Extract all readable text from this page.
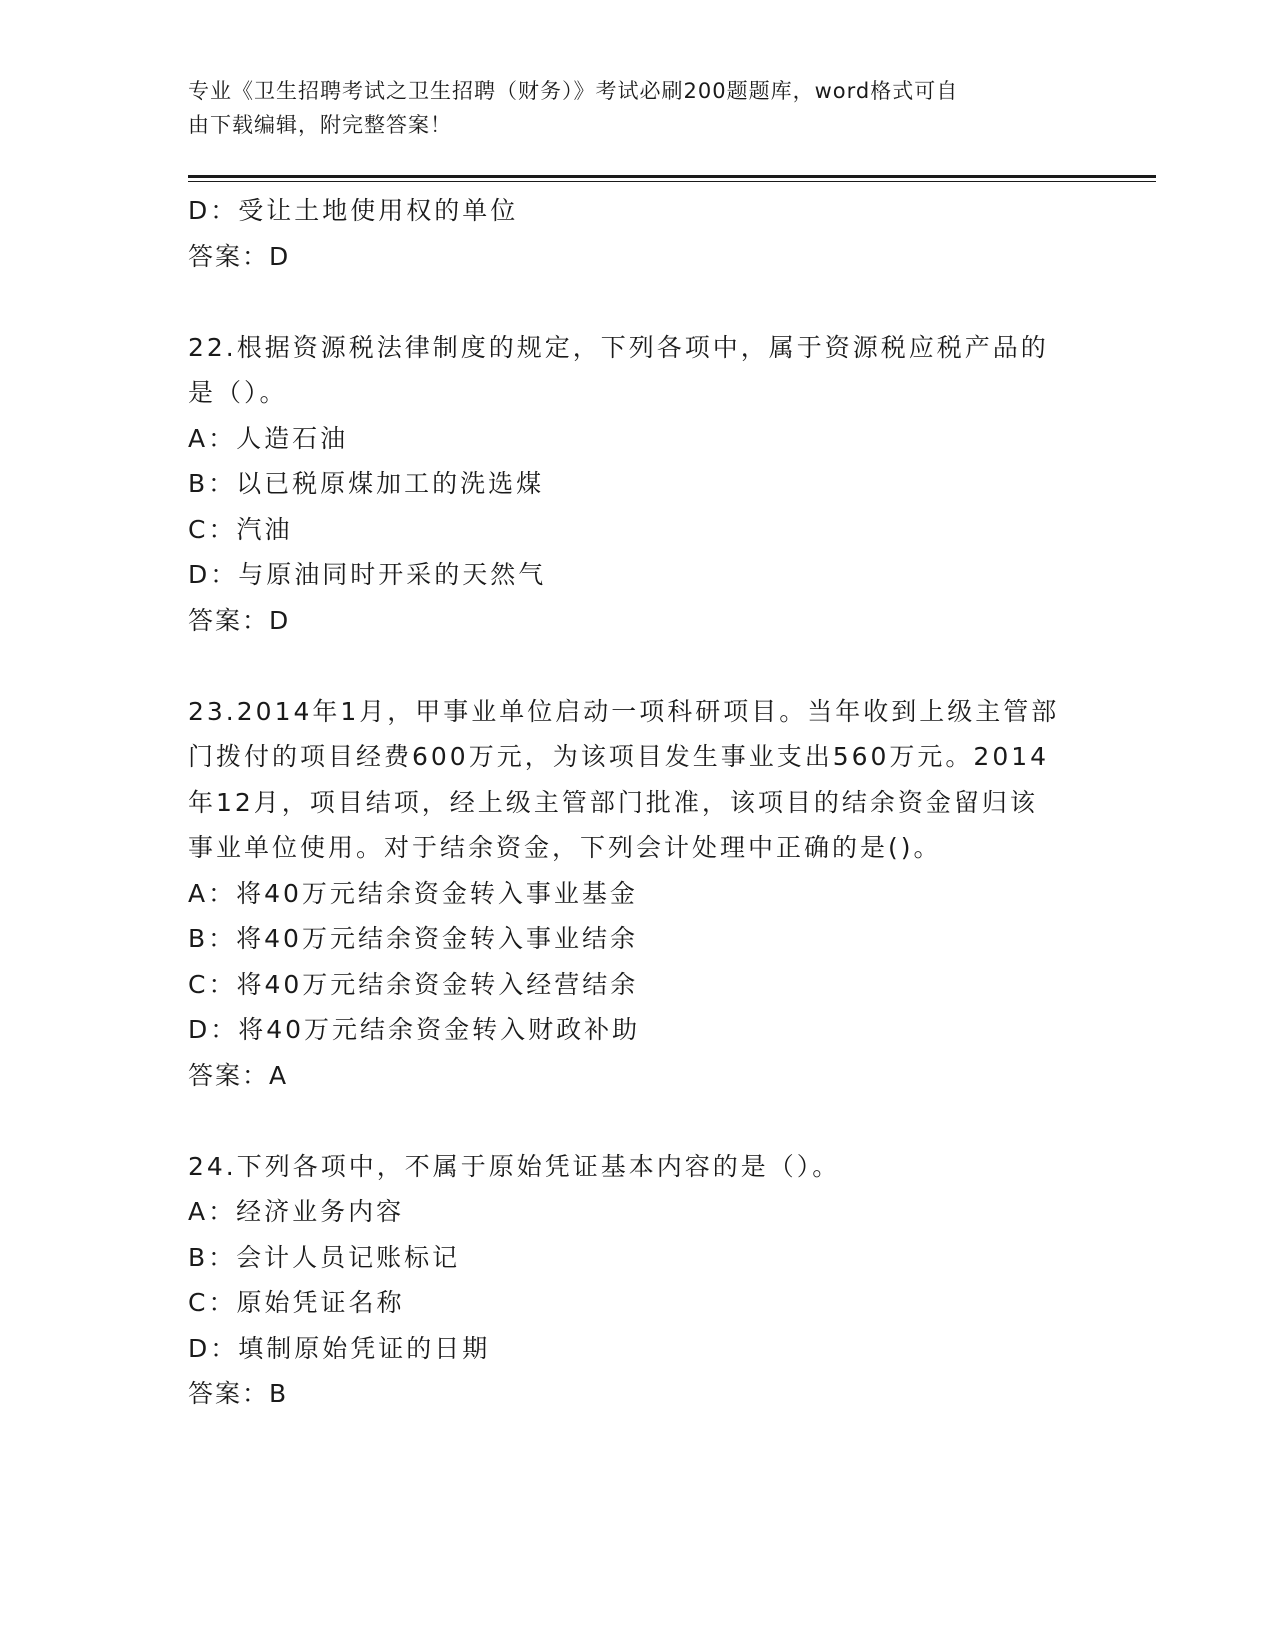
专业《卫生招聘考试之卫生招聘（财务）》考试必刷200题题库，word格式可自
由下载编辑，附完整答案！
D：受让土地使用权的单位
答案：D
22.根据资源税法律制度的规定，下列各项中，属于资源税应税产品的
是（）。
A：人造石油
B：以已税原煤加工的洗选煤
C：汽油
D：与原油同时开采的天然气
答案：D
23.2014年1月，甲事业单位启动一项科研项目。当年收到上级主管部
门拨付的项目经费600万元，为该项目发生事业支出560万元。2014
年12月，项目结项，经上级主管部门批准，该项目的结余资金留归该
事业单位使用。对于结余资金，下列会计处理中正确的是()。
A：将40万元结余资金转入事业基金
B：将40万元结余资金转入事业结余
C：将40万元结余资金转入经营结余
D：将40万元结余资金转入财政补助
答案：A
24.下列各项中，不属于原始凭证基本内容的是（）。
A：经济业务内容
B：会计人员记账标记
C：原始凭证名称
D：填制原始凭证的日期
答案：B
